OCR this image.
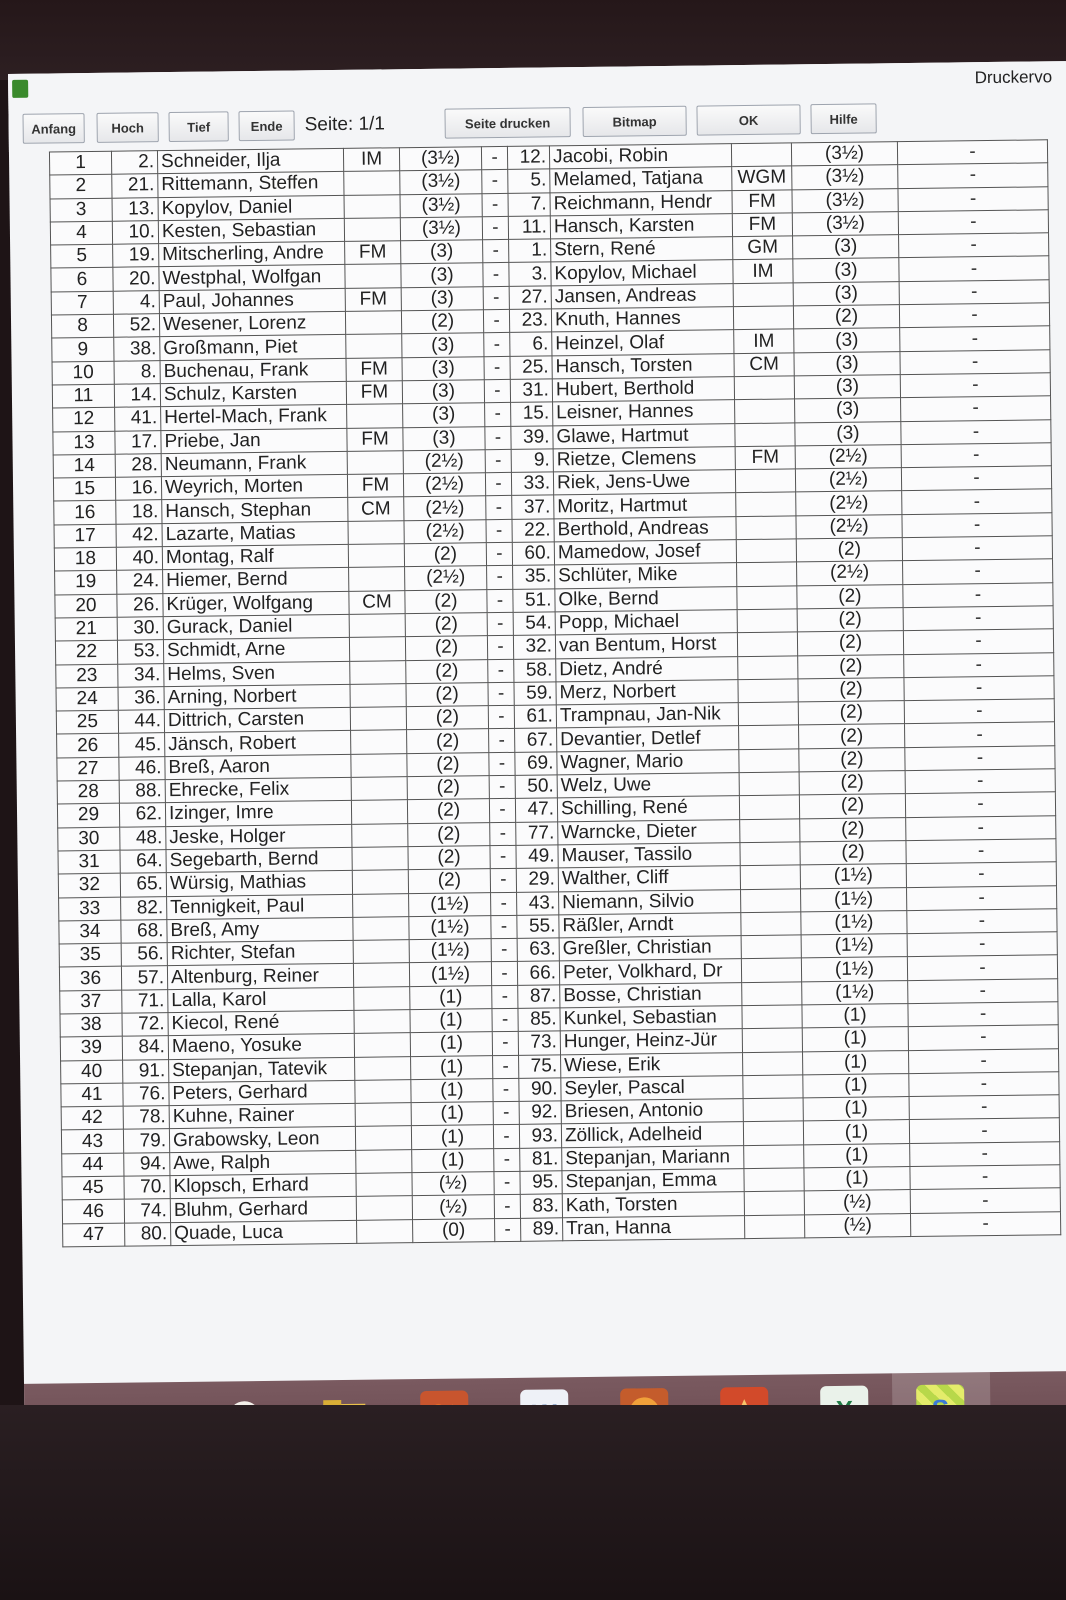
Druckervo
Anfang	Hoch	Tief	Ende	Seite: 1/1	Seite drucken	Bitmap	OK	Hilfe
1	2.	Schneider, Ilja	IM	(3½)	-	12.	Jacobi, Robin		(3½)	-
2	21.	Rittemann, Steffen		(3½)	-	5.	Melamed, Tatjana	WGM	(3½)	-
3	13.	Kopylov, Daniel		(3½)	-	7.	Reichmann, Hendr	FM	(3½)	-
4	10.	Kesten, Sebastian		(3½)	-	11.	Hansch, Karsten	FM	(3½)	-
5	19.	Mitscherling, Andre	FM	(3)	-	1.	Stern, René	GM	(3)	-
6	20.	Westphal, Wolfgan		(3)	-	3.	Kopylov, Michael	IM	(3)	-
7	4.	Paul, Johannes	FM	(3)	-	27.	Jansen, Andreas		(3)	-
8	52.	Wesener, Lorenz		(2)	-	23.	Knuth, Hannes		(2)	-
9	38.	Großmann, Piet		(3)	-	6.	Heinzel, Olaf	IM	(3)	-
10	8.	Buchenau, Frank	FM	(3)	-	25.	Hansch, Torsten	CM	(3)	-
11	14.	Schulz, Karsten	FM	(3)	-	31.	Hubert, Berthold		(3)	-
12	41.	Hertel-Mach, Frank		(3)	-	15.	Leisner, Hannes		(3)	-
13	17.	Priebe, Jan	FM	(3)	-	39.	Glawe, Hartmut		(3)	-
14	28.	Neumann, Frank		(2½)	-	9.	Rietze, Clemens	FM	(2½)	-
15	16.	Weyrich, Morten	FM	(2½)	-	33.	Riek, Jens-Uwe		(2½)	-
16	18.	Hansch, Stephan	CM	(2½)	-	37.	Moritz, Hartmut		(2½)	-
17	42.	Lazarte, Matias		(2½)	-	22.	Berthold, Andreas		(2½)	-
18	40.	Montag, Ralf		(2)	-	60.	Mamedow, Josef		(2)	-
19	24.	Hiemer, Bernd		(2½)	-	35.	Schlüter, Mike		(2½)	-
20	26.	Krüger, Wolfgang	CM	(2)	-	51.	Olke, Bernd		(2)	-
21	30.	Gurack, Daniel		(2)	-	54.	Popp, Michael		(2)	-
22	53.	Schmidt, Arne		(2)	-	32.	van Bentum, Horst		(2)	-
23	34.	Helms, Sven		(2)	-	58.	Dietz, André		(2)	-
24	36.	Arning, Norbert		(2)	-	59.	Merz, Norbert		(2)	-
25	44.	Dittrich, Carsten		(2)	-	61.	Trampnau, Jan-Nik		(2)	-
26	45.	Jänsch, Robert		(2)	-	67.	Devantier, Detlef		(2)	-
27	46.	Breß, Aaron		(2)	-	69.	Wagner, Mario		(2)	-
28	88.	Ehrecke, Felix		(2)	-	50.	Welz, Uwe		(2)	-
29	62.	Izinger, Imre		(2)	-	47.	Schilling, René		(2)	-
30	48.	Jeske, Holger		(2)	-	77.	Warncke, Dieter		(2)	-
31	64.	Segebarth, Bernd		(2)	-	49.	Mauser, Tassilo		(2)	-
32	65.	Würsig, Mathias		(2)	-	29.	Walther, Cliff		(1½)	-
33	82.	Tennigkeit, Paul		(1½)	-	43.	Niemann, Silvio		(1½)	-
34	68.	Breß, Amy		(1½)	-	55.	Räßler, Arndt		(1½)	-
35	56.	Richter, Stefan		(1½)	-	63.	Greßler, Christian		(1½)	-
36	57.	Altenburg, Reiner		(1½)	-	66.	Peter, Volkhard, Dr		(1½)	-
37	71.	Lalla, Karol		(1)	-	87.	Bosse, Christian		(1½)	-
38	72.	Kiecol, René		(1)	-	85.	Kunkel, Sebastian		(1)	-
39	84.	Maeno, Yosuke		(1)	-	73.	Hunger, Heinz-Jür		(1)	-
40	91.	Stepanjan, Tatevik		(1)	-	75.	Wiese, Erik		(1)	-
41	76.	Peters, Gerhard		(1)	-	90.	Seyler, Pascal		(1)	-
42	78.	Kuhne, Rainer		(1)	-	92.	Briesen, Antonio		(1)	-
43	79.	Grabowsky, Leon		(1)	-	93.	Zöllick, Adelheid		(1)	-
44	94.	Awe, Ralph		(1)	-	81.	Stepanjan, Mariann		(1)	-
45	70.	Klopsch, Erhard		(½)	-	95.	Stepanjan, Emma		(1)	-
46	74.	Bluhm, Gerhard		(½)	-	83.	Kath, Torsten		(½)	-
47	80.	Quade, Luca		(0)	-	89.	Tran, Hanna		(½)	-
